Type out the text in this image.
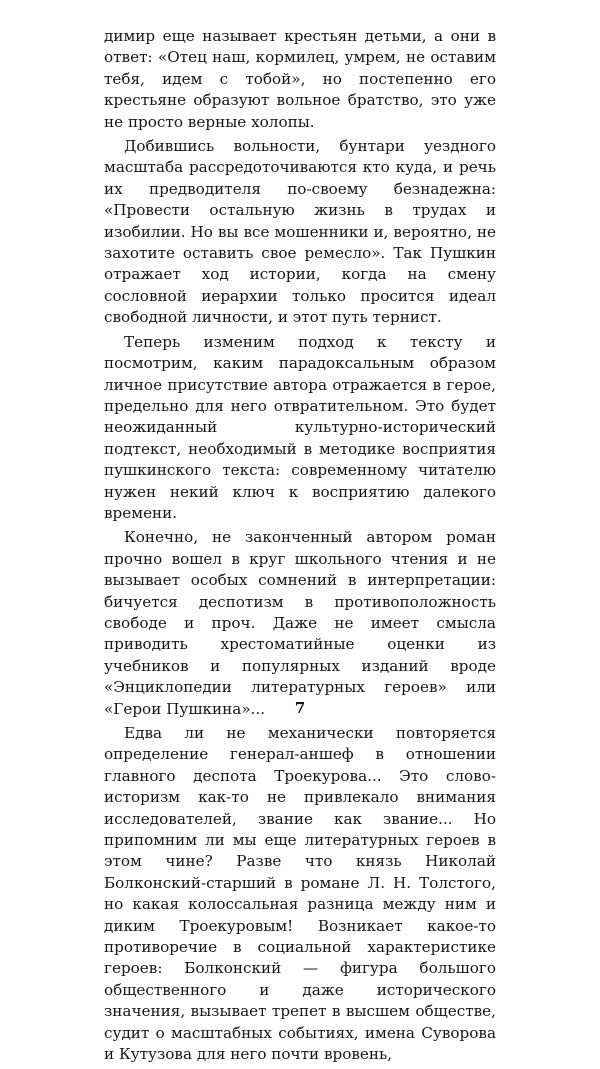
димир еще называет крестьян детьми, а они в ответ: «Отец наш, кормилец, умрем, не оставим тебя, идем с тобой», но постепенно его крестьяне образуют вольное братство, это уже не просто верные холопы.

Добившись вольности, бунтари уездного масштаба рассредоточиваются кто куда, и речь их предводителя по-своему безнадежна: «Провести остальную жизнь в трудах и изобилии. Но вы все мошенники и, вероятно, не захотите оставить свое ремесло». Так Пушкин отражает ход истории, когда на смену сословной иерархии только просится идеал свободной личности, и этот путь тернист.

Теперь изменим подход к тексту и посмотрим, каким парадоксальным образом личное присутствие автора отражается в герое, предельно для него отвратительном. Это будет неожиданный культурно-исторический подтекст, необходимый в методике восприятия пушкинского текста: современному читателю нужен некий ключ к восприятию далекого времени.

Конечно, не законченный автором роман прочно вошел в круг школьного чтения и не вызывает особых сомнений в интерпретации: бичуется деспотизм в противоположность свободе и проч. Даже не имеет смысла приводить хрестоматийные оценки из учебников и популярных изданий вроде «Энциклопедии литературных героев» или «Герои Пушкина»...

Едва ли не механически повторяется определение генерал-аншеф в отношении главного деспота Троекурова... Это слово-историзм как-то не привлекало внимания исследователей, звание как звание... Но припомним ли мы еще литературных героев в этом чине? Разве что князь Николай Болконский-старший в романе Л. Н. Толстого, но какая колоссальная разница между ним и диким Троекуровым! Возникает какое-то противоречие в социальной характеристике героев: Болконский — фигура большого общественного и даже исторического значения, вызывает трепет в высшем обществе, судит о масштабных событиях, имена Суворова и Кутузова для него почти вровень,

7
